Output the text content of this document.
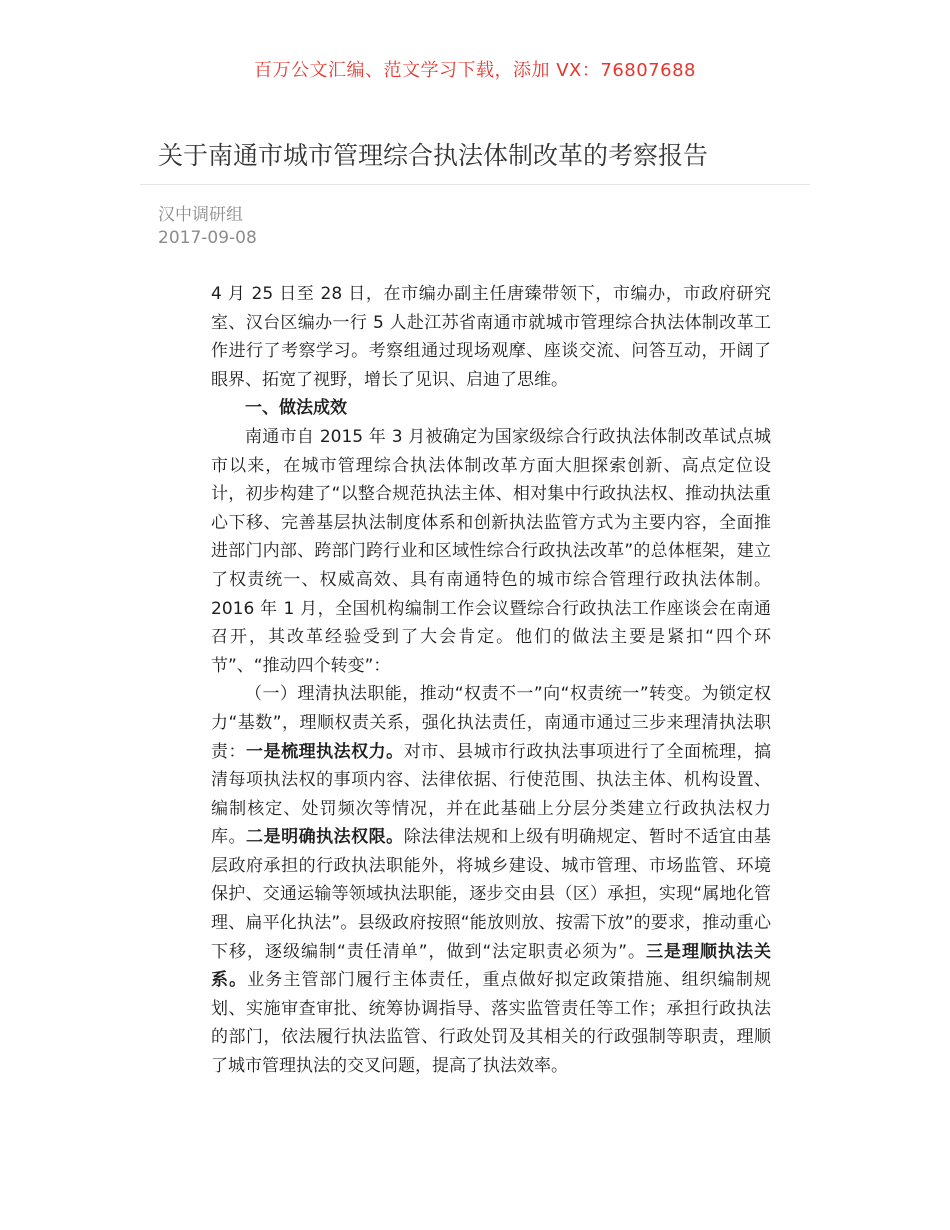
百万公文汇编、范文学习下载，添加 VX：76807688
关于南通市城市管理综合执法体制改革的考察报告
汉中调研组
2017-09-08

4 月 25 日至 28 日，在市编办副主任唐臻带领下，市编办，市政府研究室、汉台区编办一行 5 人赴江苏省南通市就城市管理综合执法体制改革工作进行了考察学习。考察组通过现场观摩、座谈交流、问答互动，开阔了眼界、拓宽了视野，增长了见识、启迪了思维。

一、做法成效

南通市自 2015 年 3 月被确定为国家级综合行政执法体制改革试点城市以来，在城市管理综合执法体制改革方面大胆探索创新、高点定位设计，初步构建了“以整合规范执法主体、相对集中行政执法权、推动执法重心下移、完善基层执法制度体系和创新执法监管方式为主要内容，全面推进部门内部、跨部门跨行业和区域性综合行政执法改革”的总体框架，建立了权责统一、权威高效、具有南通特色的城市综合管理行政执法体制。2016 年 1 月，全国机构编制工作会议暨综合行政执法工作座谈会在南通召开，其改革经验受到了大会肯定。他们的做法主要是紧扣“四个环节”、“推动四个转变”：

（一）理清执法职能，推动“权责不一”向“权责统一”转变。为锁定权力“基数”，理顺权责关系，强化执法责任，南通市通过三步来理清执法职责：一是梳理执法权力。对市、县城市行政执法事项进行了全面梳理，搞清每项执法权的事项内容、法律依据、行使范围、执法主体、机构设置、编制核定、处罚频次等情况，并在此基础上分层分类建立行政执法权力库。二是明确执法权限。除法律法规和上级有明确规定、暂时不适宜由基层政府承担的行政执法职能外，将城乡建设、城市管理、市场监管、环境保护、交通运输等领域执法职能，逐步交由县（区）承担，实现“属地化管理、扁平化执法”。县级政府按照“能放则放、按需下放”的要求，推动重心下移，逐级编制“责任清单”，做到“法定职责必须为”。三是理顺执法关系。业务主管部门履行主体责任，重点做好拟定政策措施、组织编制规划、实施审查审批、统筹协调指导、落实监管责任等工作；承担行政执法的部门，依法履行执法监管、行政处罚及其相关的行政强制等职责，理顺了城市管理执法的交叉问题，提高了执法效率。
